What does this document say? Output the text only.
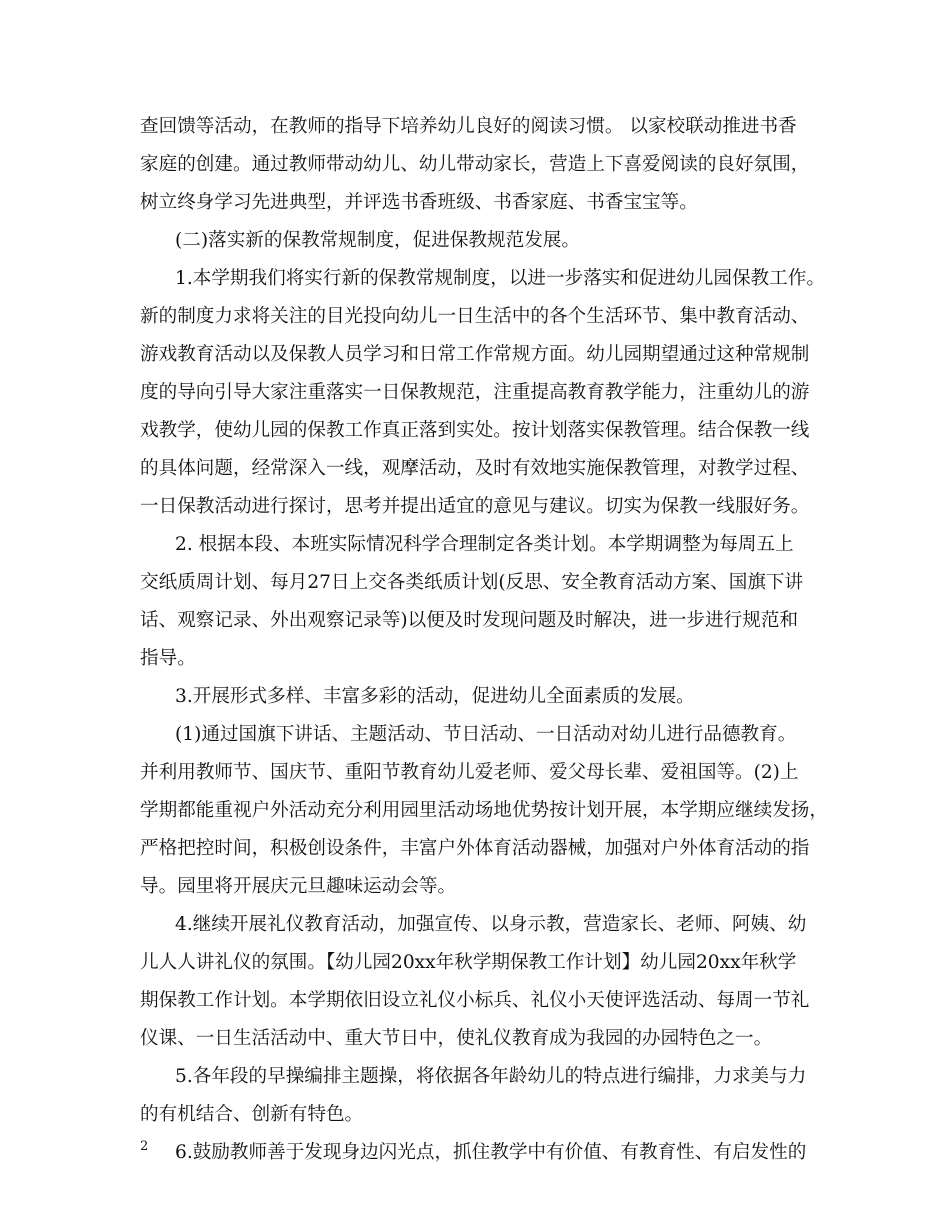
查回馈等活动，在教师的指导下培养幼儿良好的阅读习惯。 以家校联动推进书香
家庭的创建。通过教师带动幼儿、幼儿带动家长，营造上下喜爱阅读的良好氛围，
树立终身学习先进典型，并评选书香班级、书香家庭、书香宝宝等。
(二)落实新的保教常规制度，促进保教规范发展。
1.本学期我们将实行新的保教常规制度，以进一步落实和促进幼儿园保教工作。
新的制度力求将关注的目光投向幼儿一日生活中的各个生活环节、集中教育活动、
游戏教育活动以及保教人员学习和日常工作常规方面。幼儿园期望通过这种常规制
度的导向引导大家注重落实一日保教规范，注重提高教育教学能力，注重幼儿的游
戏教学，使幼儿园的保教工作真正落到实处。按计划落实保教管理。结合保教一线
的具体问题，经常深入一线，观摩活动，及时有效地实施保教管理，对教学过程、
一日保教活动进行探讨，思考并提出适宜的意见与建议。切实为保教一线服好务。
2. 根据本段、本班实际情况科学合理制定各类计划。本学期调整为每周五上
交纸质周计划、每月27日上交各类纸质计划(反思、安全教育活动方案、国旗下讲
话、观察记录、外出观察记录等)以便及时发现问题及时解决，进一步进行规范和
指导。
3.开展形式多样、丰富多彩的活动，促进幼儿全面素质的发展。
(1)通过国旗下讲话、主题活动、节日活动、一日活动对幼儿进行品德教育。
并利用教师节、国庆节、重阳节教育幼儿爱老师、爱父母长辈、爱祖国等。(2)上
学期都能重视户外活动充分利用园里活动场地优势按计划开展，本学期应继续发扬，
严格把控时间，积极创设条件，丰富户外体育活动器械，加强对户外体育活动的指
导。园里将开展庆元旦趣味运动会等。
4.继续开展礼仪教育活动，加强宣传、以身示教，营造家长、老师、阿姨、幼
儿人人讲礼仪的氛围。【幼儿园20xx年秋学期保教工作计划】幼儿园20xx年秋学
期保教工作计划。本学期依旧设立礼仪小标兵、礼仪小天使评选活动、每周一节礼
仪课、一日生活活动中、重大节日中，使礼仪教育成为我园的办园特色之一。
5.各年段的早操编排主题操，将依据各年龄幼儿的特点进行编排，力求美与力
的有机结合、创新有特色。
6.鼓励教师善于发现身边闪光点，抓住教学中有价值、有教育性、有启发性的
2
